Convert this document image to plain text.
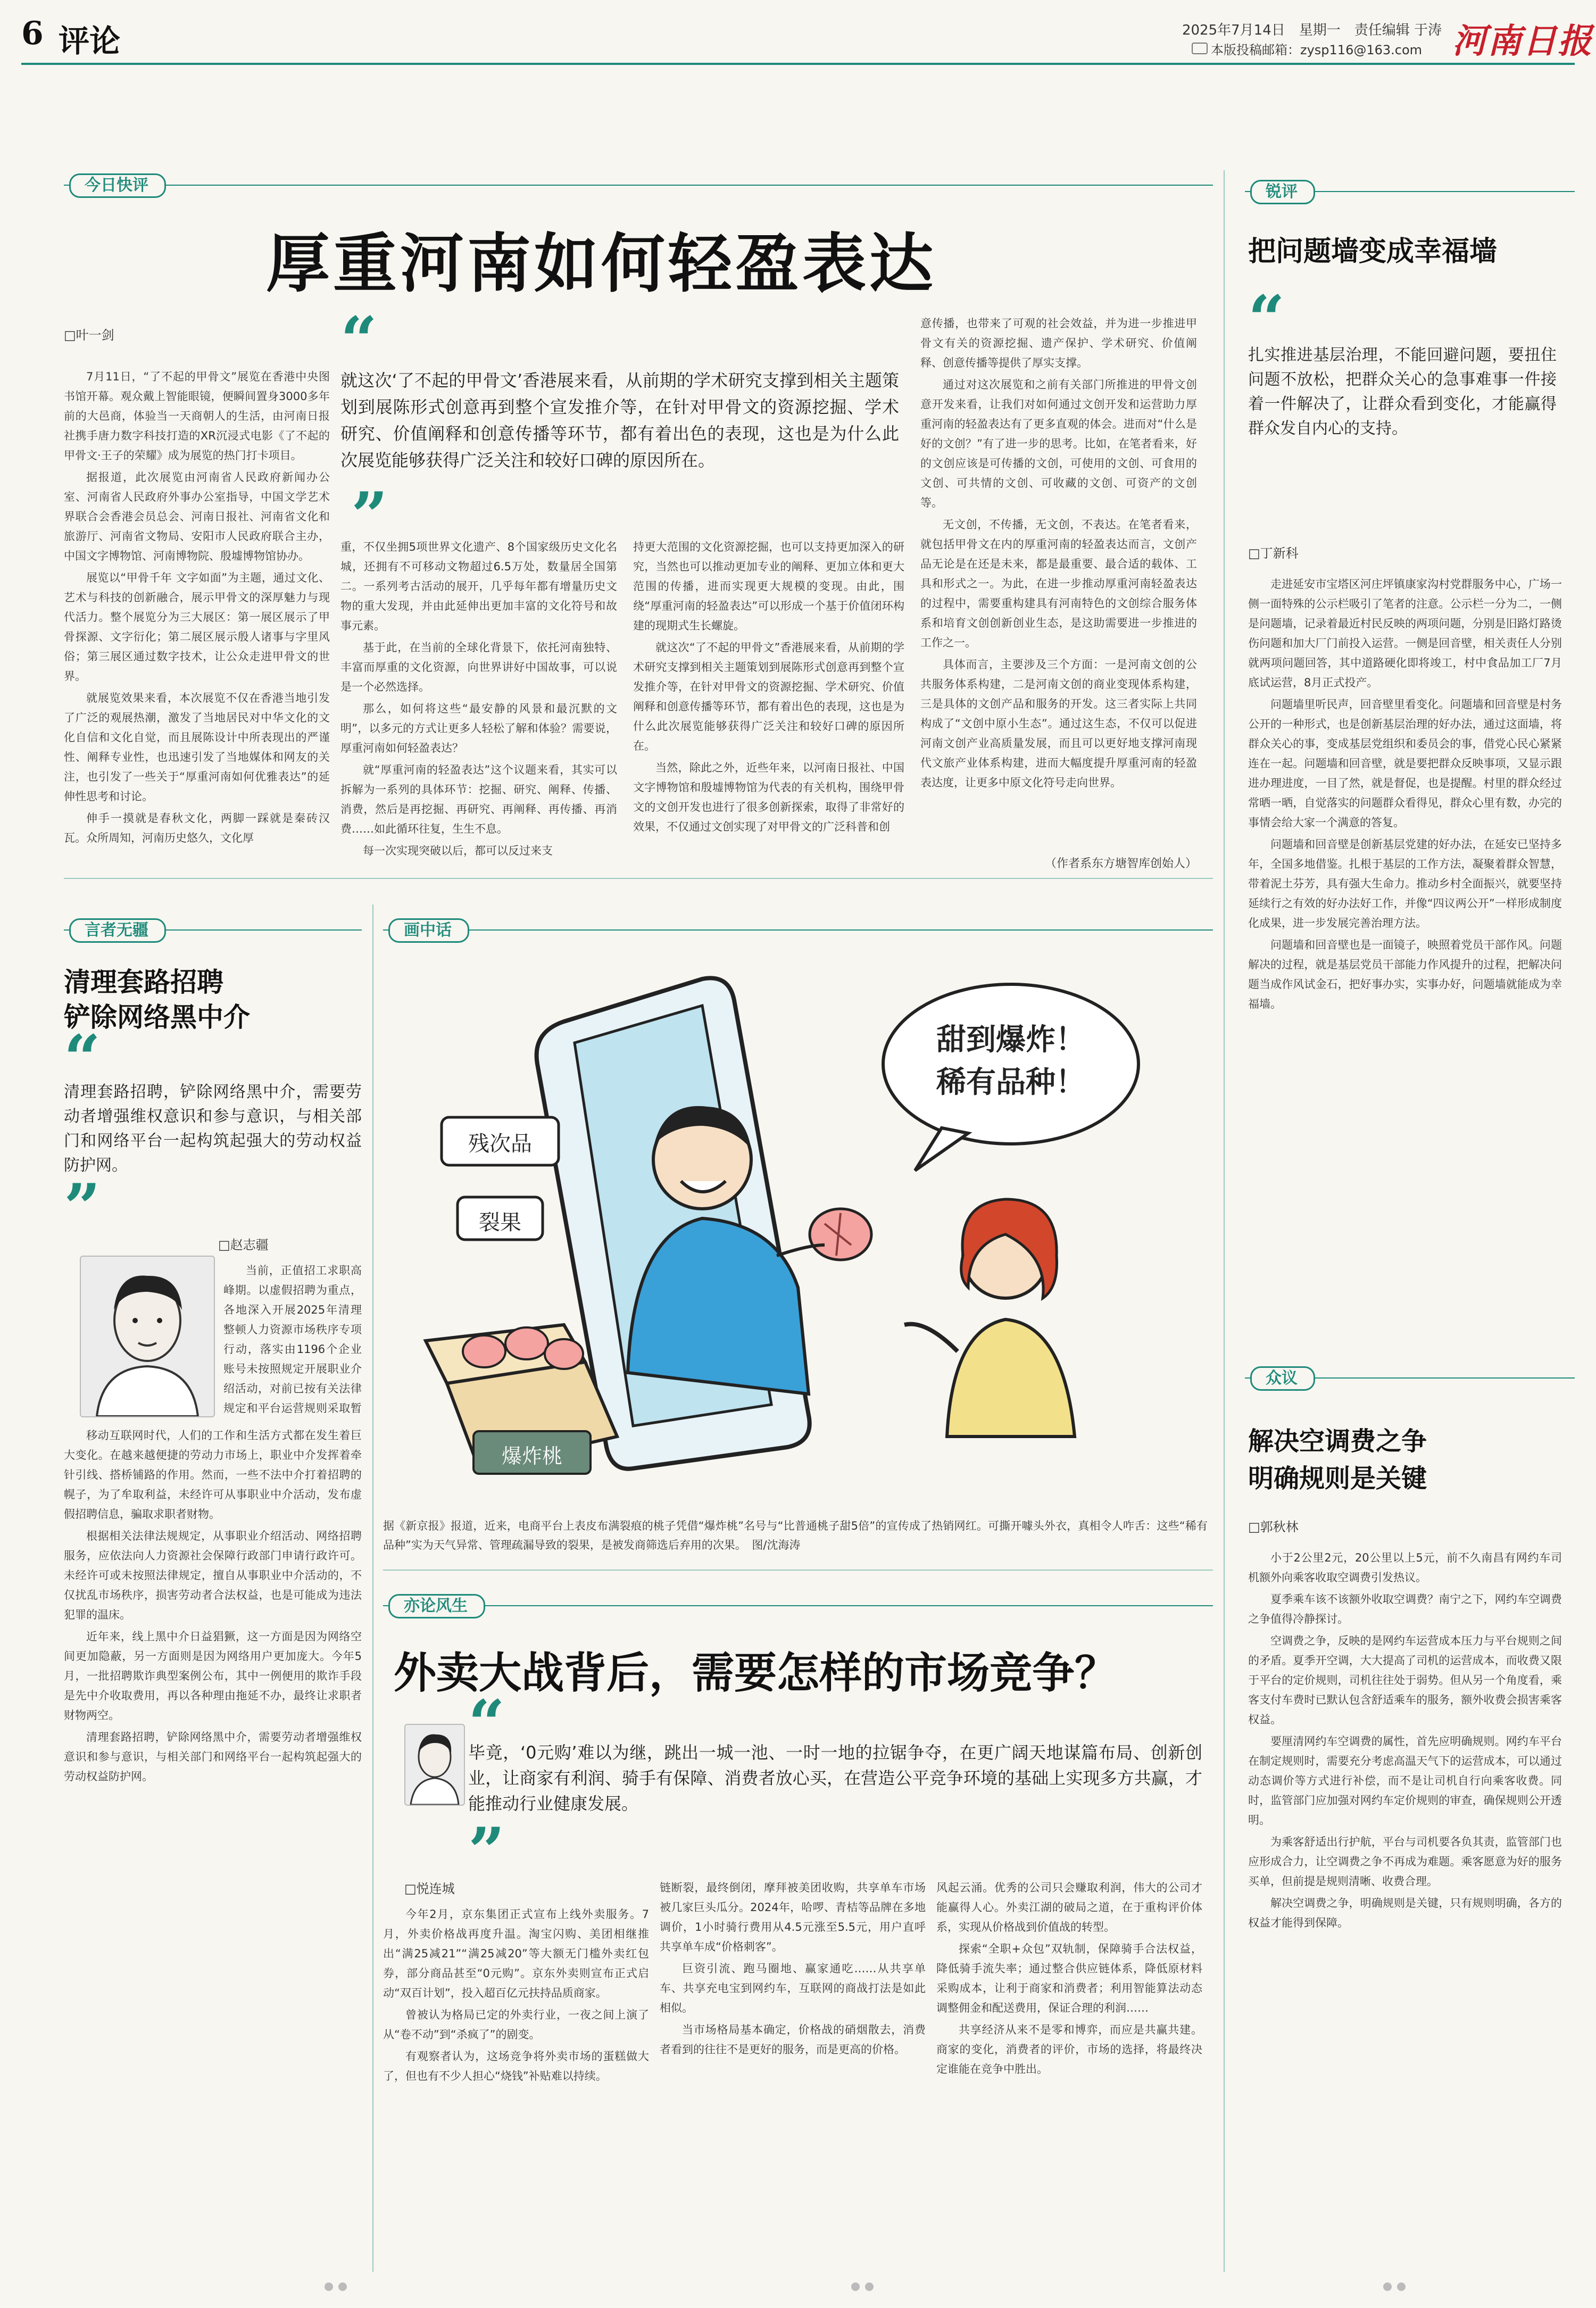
6 评论	2025年7月14日　星期一　责任编辑 于涛
本版投稿邮箱：zysp116@163.com 河南日报
今日快评
厚重河南如何轻盈表达
□叶一剑	“
就这次‘了不起的甲骨文’香港展来看，从前期的学术研究支撑到相关主题策划到展陈形式创意再到整个宣发推介等，在针对甲骨文的资源挖掘、学术研究、价值阐释和创意传播等环节，都有着出色的表现，这也是为什么此次展览能够获得广泛关注和较好口碑的原因所在。
”

7月11日，“了不起的甲骨文”展览在香港中央图书馆开幕。观众戴上智能眼镜，便瞬间置身3000多年前的大邑商，体验当一天商朝人的生活，由河南日报社携手唐力数字科技打造的XR沉浸式电影《了不起的甲骨文·王子的荣耀》成为展览的热门打卡项目。

据报道，此次展览由河南省人民政府新闻办公室、河南省人民政府外事办公室指导，中国文学艺术界联合会香港会员总会、河南日报社、河南省文化和旅游厅、河南省文物局、安阳市人民政府联合主办，中国文字博物馆、河南博物院、殷墟博物馆协办。

展览以“甲骨千年 文字如面”为主题，通过文化、艺术与科技的创新融合，展示甲骨文的深厚魅力与现代活力。整个展览分为三大展区：第一展区展示了甲骨探源、文字衍化；第二展区展示殷人诸事与字里风俗；第三展区通过数字技术，让公众走进甲骨文的世界。

就展览效果来看，本次展览不仅在香港当地引发了广泛的观展热潮，激发了当地居民对中华文化的文化自信和文化自觉，而且展陈设计中所表现出的严谨性、阐释专业性，也迅速引发了当地媒体和网友的关注，也引发了一些关于“厚重河南如何优雅表达”的延伸性思考和讨论。

伸手一摸就是春秋文化，两脚一踩就是秦砖汉瓦。众所周知，河南历史悠久，文化厚

重，不仅坐拥5项世界文化遗产、8个国家级历史文化名城，还拥有不可移动文物超过6.5万处，数量居全国第二。一系列考古活动的展开，几乎每年都有增量历史文物的重大发现，并由此延伸出更加丰富的文化符号和故事元素。

基于此，在当前的全球化背景下，依托河南独特、丰富而厚重的文化资源，向世界讲好中国故事，可以说是一个必然选择。

那么，如何将这些“最安静的风景和最沉默的文明”，以多元的方式让更多人轻松了解和体验？需要说，厚重河南如何轻盈表达？

就“厚重河南的轻盈表达”这个议题来看，其实可以拆解为一系列的具体环节：挖掘、研究、阐释、传播、消费，然后是再挖掘、再研究、再阐释、再传播、再消费……如此循环往复，生生不息。

每一次实现突破以后，都可以反过来支

持更大范围的文化资源挖掘，也可以支持更加深入的研究，当然也可以推动更加专业的阐释、更加立体和更大范围的传播，进而实现更大规模的变现。由此，围绕“厚重河南的轻盈表达”可以形成一个基于价值闭环构建的现期式生长螺旋。

就这次“了不起的甲骨文”香港展来看，从前期的学术研究支撑到相关主题策划到展陈形式创意再到整个宣发推介等，在针对甲骨文的资源挖掘、学术研究、价值阐释和创意传播等环节，都有着出色的表现，这也是为什么此次展览能够获得广泛关注和较好口碑的原因所在。

当然，除此之外，近些年来，以河南日报社、中国文字博物馆和殷墟博物馆为代表的有关机构，围绕甲骨文的文创开发也进行了很多创新探索，取得了非常好的效果，不仅通过文创实现了对甲骨文的广泛科普和创

意传播，也带来了可观的社会效益，并为进一步推进甲骨文有关的资源挖掘、遗产保护、学术研究、价值阐释、创意传播等提供了厚实支撑。

通过对这次展览和之前有关部门所推进的甲骨文创意开发来看，让我们对如何通过文创开发和运营助力厚重河南的轻盈表达有了更多直观的体会。进而对“什么是好的文创？”有了进一步的思考。比如，在笔者看来，好的文创应该是可传播的文创，可使用的文创、可食用的文创、可共情的文创、可收藏的文创、可资产的文创等。

无文创，不传播，无文创，不表达。在笔者看来，就包括甲骨文在内的厚重河南的轻盈表达而言，文创产品无论是在还是未来，都是最重要、最合适的载体、工具和形式之一。为此，在进一步推动厚重河南轻盈表达的过程中，需要重构建具有河南特色的文创综合服务体系和培育文创创新创业生态，是这助需要进一步推进的工作之一。

具体而言，主要涉及三个方面：一是河南文创的公共服务体系构建，二是河南文创的商业变现体系构建，三是具体的文创产品和服务的开发。这三者实际上共同构成了“文创中原小生态”。通过这生态，不仅可以促进河南文创产业高质量发展，而且可以更好地支撑河南现代文旅产业体系构建，进而大幅度提升厚重河南的轻盈表达度，让更多中原文化符号走向世界。

（作者系东方塘智库创始人）
锐评
把问题墙变成幸福墙
“
扎实推进基层治理，不能回避问题，要扭住问题不放松，把群众关心的急事难事一件接着一件解决了，让群众看到变化，才能赢得群众发自内心的支持。
□丁新科

走进延安市宝塔区河庄坪镇康家沟村党群服务中心，广场一侧一面特殊的公示栏吸引了笔者的注意。公示栏一分为二，一侧是问题墙，记录着最近村民反映的两项问题，分别是旧路灯路烫伤问题和加大厂门前投入运营。一侧是回音壁，相关责任人分别就两项问题回答，其中道路硬化即将竣工，村中食品加工厂7月底试运营，8月正式投产。

问题墙里听民声，回音壁里看变化。问题墙和回音壁是村务公开的一种形式，也是创新基层治理的好办法，通过这面墙，将群众关心的事，变成基层党组织和委员会的事，借党心民心紧紧连在一起。问题墙和回音壁，就是要把群众反映事项，又显示跟进办理进度，一目了然，就是督促，也是提醒。村里的群众经过常晒一晒，自觉落实的问题群众看得见，群众心里有数，办完的事情会给大家一个满意的答复。

问题墙和回音壁是创新基层党建的好办法，在延安已坚持多年，全国多地借鉴。扎根于基层的工作方法，凝聚着群众智慧，带着泥土芬芳，具有强大生命力。推动乡村全面振兴，就要坚持延续行之有效的好办法好工作，并像“四议两公开”一样形成制度化成果，进一步发展完善治理方法。

问题墙和回音壁也是一面镜子，映照着党员干部作风。问题解决的过程，就是基层党员干部能力作风提升的过程，把解决问题当成作风试金石，把好事办实，实事办好，问题墙就能成为幸福墙。

众议
解决空调费之争
明确规则是关键
□郭秋林

小于2公里2元，20公里以上5元，前不久南昌有网约车司机额外向乘客收取空调费引发热议。

夏季乘车该不该额外收取空调费？南宁之下，网约车空调费之争值得冷静探讨。

空调费之争，反映的是网约车运营成本压力与平台规则之间的矛盾。夏季开空调，大大提高了司机的运营成本，而收费又限于平台的定价规则，司机往往处于弱势。但从另一个角度看，乘客支付车费时已默认包含舒适乘车的服务，额外收费会损害乘客权益。

要厘清网约车空调费的属性，首先应明确规则。网约车平台在制定规则时，需要充分考虑高温天气下的运营成本，可以通过动态调价等方式进行补偿，而不是让司机自行向乘客收费。同时，监管部门应加强对网约车定价规则的审查，确保规则公开透明。

为乘客舒适出行护航，平台与司机要各负其责，监管部门也应形成合力，让空调费之争不再成为难题。乘客愿意为好的服务买单，但前提是规则清晰、收费合理。

解决空调费之争，明确规则是关键，只有规则明确，各方的权益才能得到保障。

言者无疆
清理套路招聘
铲除网络黑中介
“
清理套路招聘，铲除网络黑中介，需要劳动者增强维权意识和参与意识，与相关部门和网络平台一起构筑起强大的劳动权益防护网。
”	□赵志疆

当前，正值招工求职高峰期。以虚假招聘为重点，各地深入开展2025年清理整顿人力资源市场秩序专项行动，落实由1196个企业账号未按照规定开展职业介绍活动，对前已按有关法律规定和平台运营规则采取暂

移动互联网时代，人们的工作和生活方式都在发生着巨大变化。在越来越便捷的劳动力市场上，职业中介发挥着牵针引线、搭桥铺路的作用。然而，一些不法中介打着招聘的幌子，为了牟取利益，未经许可从事职业中介活动，发布虚假招聘信息，骗取求职者财物。

根据相关法律法规规定，从事职业介绍活动、网络招聘服务，应依法向人力资源社会保障行政部门申请行政许可。未经许可或未按照法律规定，擅自从事职业中介活动的，不仅扰乱市场秩序，损害劳动者合法权益，也是可能成为违法犯罪的温床。

近年来，线上黑中介日益猖獗，这一方面是因为网络空间更加隐蔽，另一方面则是因为网络用户更加庞大。今年5月，一批招聘欺诈典型案例公布，其中一例便用的欺诈手段是先中介收取费用，再以各种理由拖延不办，最终让求职者财物两空。

清理套路招聘，铲除网络黑中介，需要劳动者增强维权意识和参与意识，与相关部门和网络平台一起构筑起强大的劳动权益防护网。

画中话
甜到爆炸！
稀有品种！
残次品
裂果
爆炸桃
据《新京报》报道，近来，电商平台上表皮布满裂痕的桃子凭借“爆炸桃”名号与“比普通桃子甜5倍”的宣传成了热销网红。可撕开噱头外衣，真相令人咋舌：这些“稀有品种”实为天气异常、管理疏漏导致的裂果，是被发商筛选后弃用的次果。　图/沈海涛
亦论风生
外卖大战背后，需要怎样的市场竞争？
“
毕竟，‘0元购’难以为继，跳出一城一池、一时一地的拉锯争夺，在更广阔天地谋篇布局、创新创业，让商家有利润、骑手有保障、消费者放心买，在营造公平竞争环境的基础上实现多方共赢，才能推动行业健康发展。
”
□悦连城

今年2月，京东集团正式宣布上线外卖服务。7月，外卖价格战再度升温。淘宝闪购、美团相继推出“满25减21”“满25减20”等大额无门槛外卖红包券，部分商品甚至“0元购”。京东外卖则宣布正式启动“双百计划”，投入超百亿元扶持品质商家。

曾被认为格局已定的外卖行业，一夜之间上演了从“卷不动”到“杀疯了”的剧变。

有观察者认为，这场竞争将外卖市场的蛋糕做大了，但也有不少人担心“烧钱”补贴难以持续。

链断裂，最终倒闭，摩拜被美团收购，共享单车市场被几家巨头瓜分。2024年，哈啰、青桔等品牌在多地调价，1小时骑行费用从4.5元涨至5.5元，用户直呼共享单车成“价格刺客”。

巨资引流、跑马圈地、赢家通吃……从共享单车、共享充电宝到网约车，互联网的商战打法是如此相似。

当市场格局基本确定，价格战的硝烟散去，消费者看到的往往不是更好的服务，而是更高的价格。

风起云涌。优秀的公司只会赚取利润，伟大的公司才能赢得人心。外卖江湖的破局之道，在于重构评价体系，实现从价格战到价值战的转型。

探索“全职+众包”双轨制，保障骑手合法权益，降低骑手流失率；通过整合供应链体系，降低原材料采购成本，让利于商家和消费者；利用智能算法动态调整佣金和配送费用，保证合理的利润……

共享经济从来不是零和博弈，而应是共赢共建。商家的变化，消费者的评价，市场的选择，将最终决定谁能在竞争中胜出。
